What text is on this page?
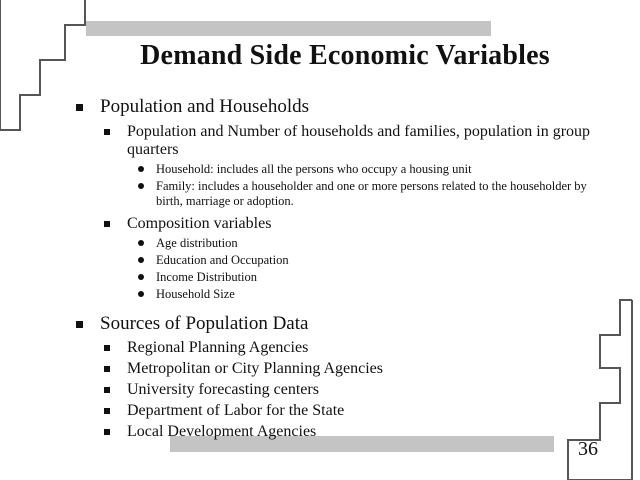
Demand Side Economic Variables
Population and Households
Population and Number of households and families, population in group quarters
Household: includes all the persons who occupy a housing unit
Family: includes a householder and one or more persons related to the householder by birth, marriage or adoption.
Composition variables
Age distribution
Education and Occupation
Income Distribution
Household Size
Sources of Population Data
Regional Planning Agencies
Metropolitan or City Planning Agencies
University forecasting centers
Department of Labor for the State
Local Development Agencies
36
